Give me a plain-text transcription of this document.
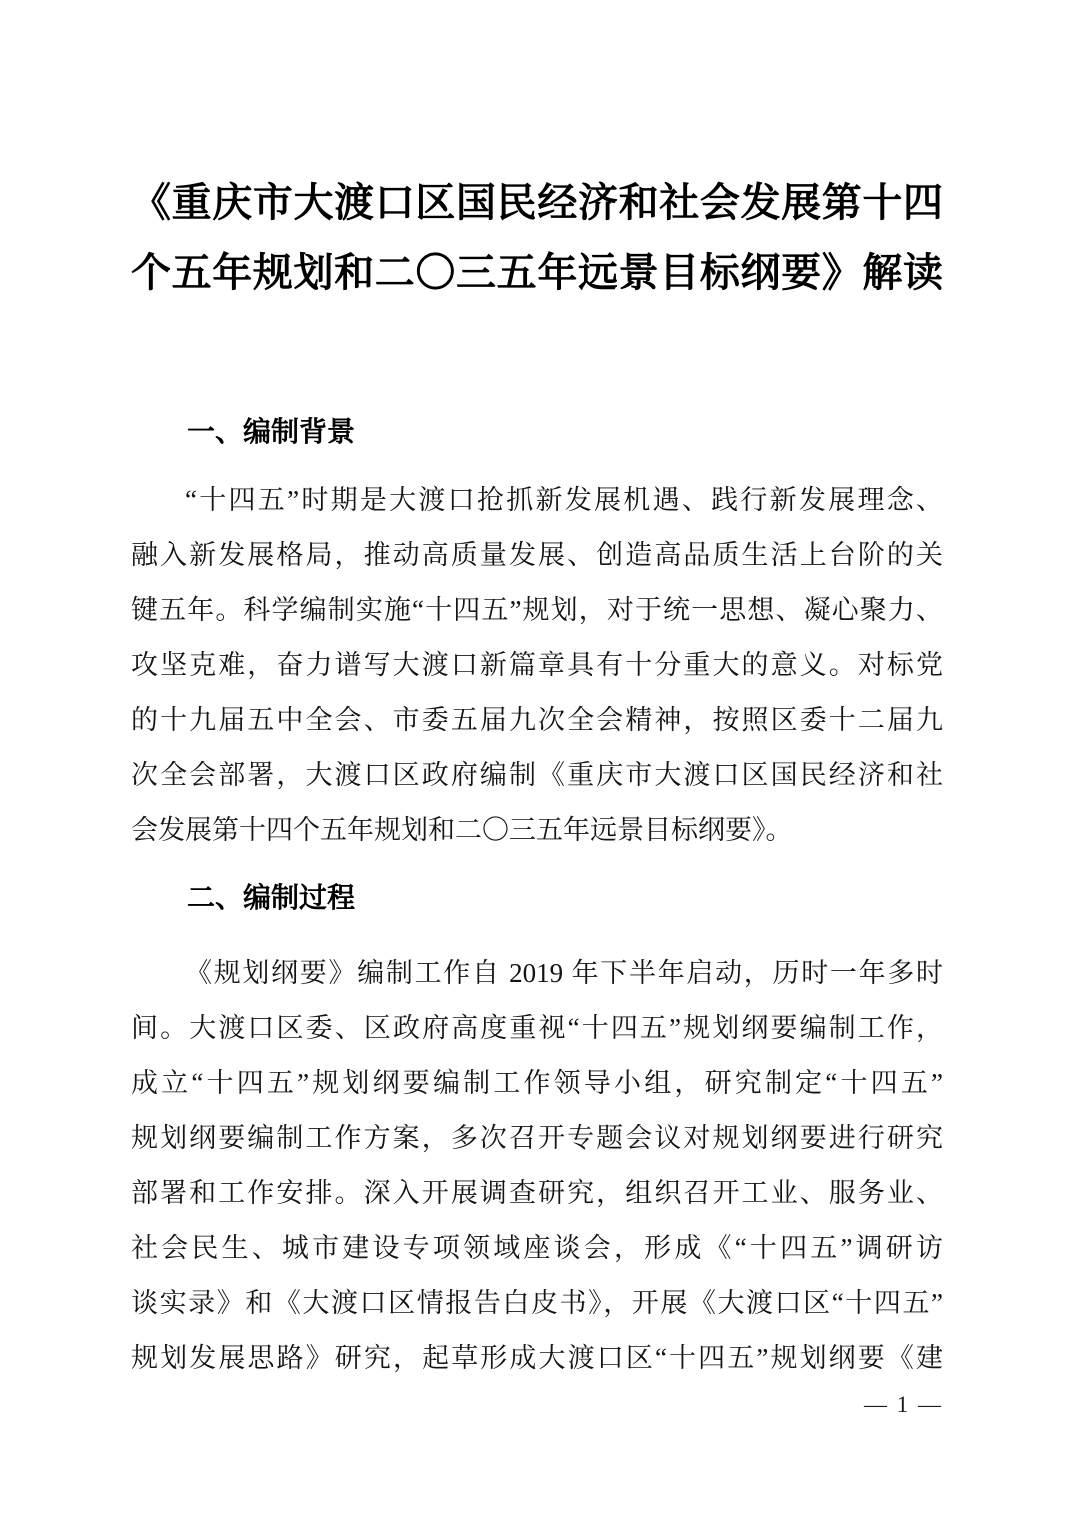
《重庆市大渡口区国民经济和社会发展第十四
个五年规划和二〇三五年远景目标纲要》解读
一、编制背景
“十四五”时期是大渡口抢抓新发展机遇、践行新发展理念、
融入新发展格局，推动高质量发展、创造高品质生活上台阶的关
键五年。科学编制实施“十四五”规划，对于统一思想、凝心聚力、
攻坚克难，奋力谱写大渡口新篇章具有十分重大的意义。对标党
的十九届五中全会、市委五届九次全会精神，按照区委十二届九
次全会部署，大渡口区政府编制《重庆市大渡口区国民经济和社
会发展第十四个五年规划和二〇三五年远景目标纲要》。
二、编制过程
《规划纲要》编制工作自 2019 年下半年启动，历时一年多时
间。大渡口区委、区政府高度重视“十四五”规划纲要编制工作，
成立“十四五”规划纲要编制工作领导小组，研究制定“十四五”
规划纲要编制工作方案，多次召开专题会议对规划纲要进行研究
部署和工作安排。深入开展调查研究，组织召开工业、服务业、
社会民生、城市建设专项领域座谈会，形成《“十四五”调研访
谈实录》和《大渡口区情报告白皮书》，开展《大渡口区“十四五”
规划发展思路》研究，起草形成大渡口区“十四五”规划纲要《建
— 1 —
